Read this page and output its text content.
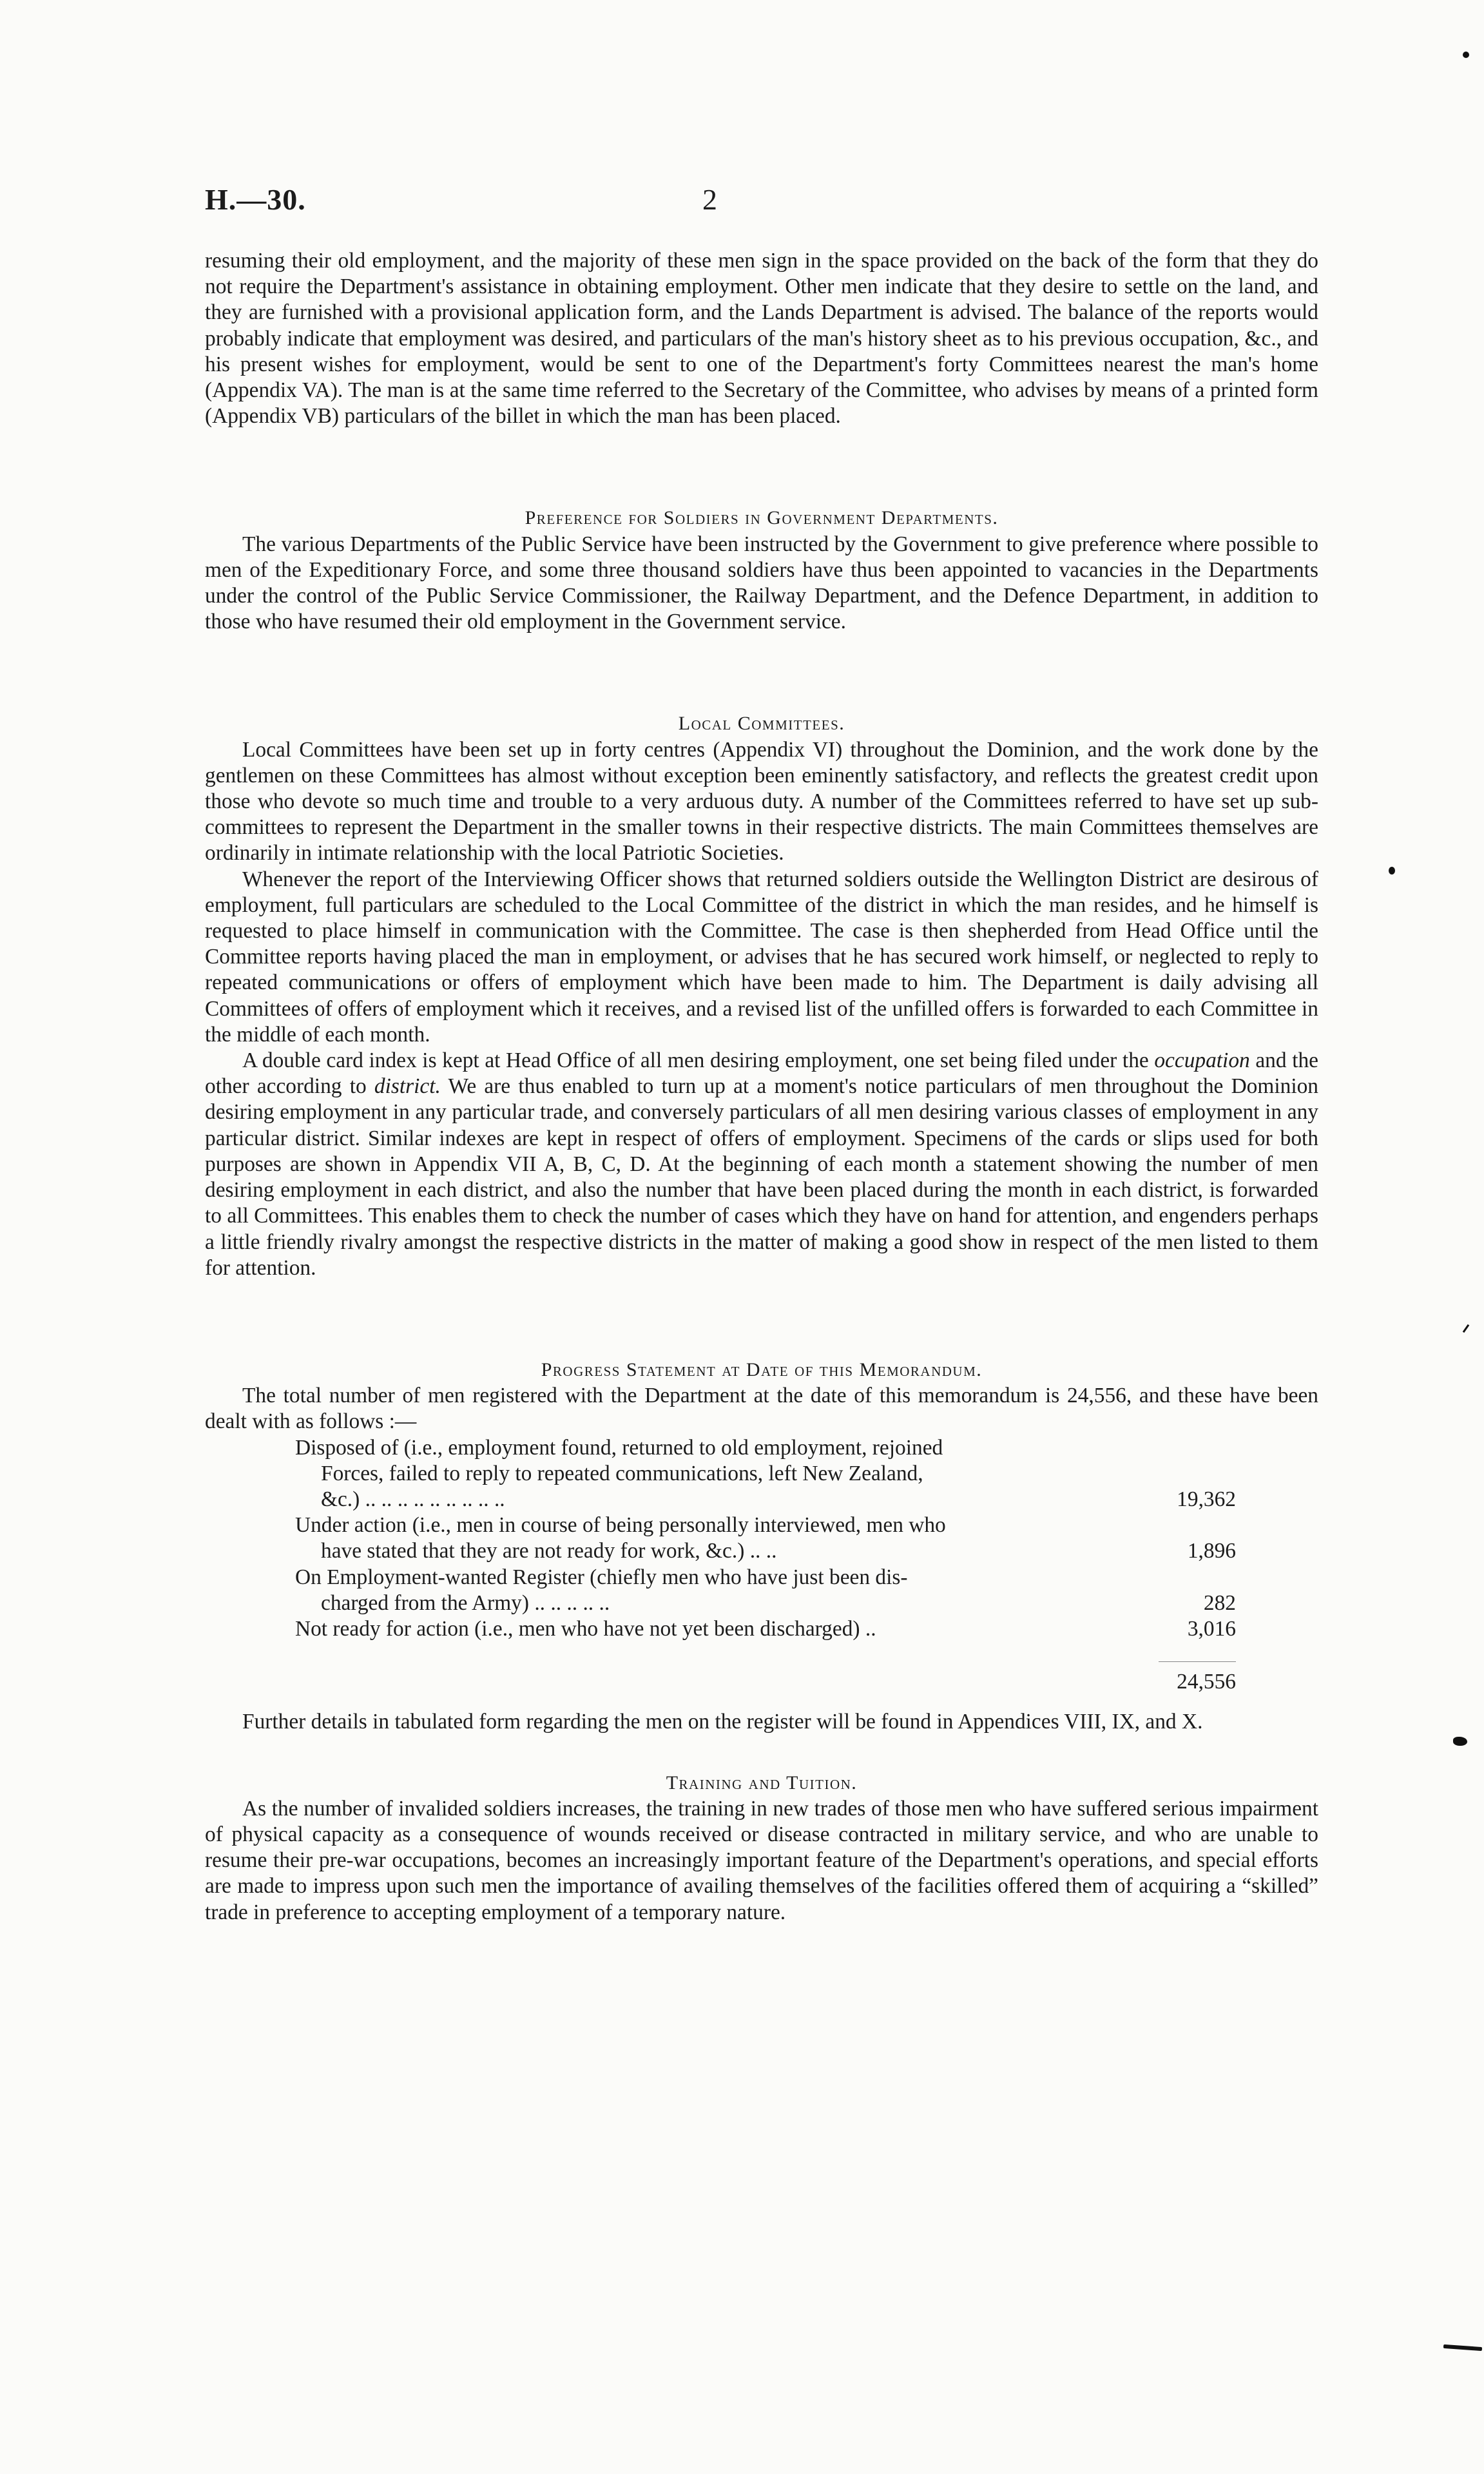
H.—30.	2

resuming their old employment, and the majority of these men sign in the space provided on the back of the form that they do not require the Department's assistance in obtaining employment. Other men indicate that they desire to settle on the land, and they are furnished with a provisional application form, and the Lands Department is advised. The balance of the reports would probably indicate that employment was desired, and particulars of the man's history sheet as to his previous occupation, &c., and his present wishes for employment, would be sent to one of the Department's forty Committees nearest the man's home (Appendix VA). The man is at the same time referred to the Secretary of the Committee, who advises by means of a printed form (Appendix VB) particulars of the billet in which the man has been placed.

Preference for Soldiers in Government Departments.

The various Departments of the Public Service have been instructed by the Government to give preference where possible to men of the Expeditionary Force, and some three thousand soldiers have thus been appointed to vacancies in the Departments under the control of the Public Service Commissioner, the Railway Department, and the Defence Department, in addition to those who have resumed their old employment in the Government service.

Local Committees.

Local Committees have been set up in forty centres (Appendix VI) throughout the Dominion, and the work done by the gentlemen on these Committees has almost without exception been eminently satisfactory, and reflects the greatest credit upon those who devote so much time and trouble to a very arduous duty. A number of the Committees referred to have set up sub-committees to represent the Department in the smaller towns in their respective districts. The main Committees themselves are ordinarily in intimate relationship with the local Patriotic Societies.

Whenever the report of the Interviewing Officer shows that returned soldiers outside the Wellington District are desirous of employment, full particulars are scheduled to the Local Committee of the district in which the man resides, and he himself is requested to place himself in communication with the Committee. The case is then shepherded from Head Office until the Committee reports having placed the man in employment, or advises that he has secured work himself, or neglected to reply to repeated communications or offers of employment which have been made to him. The Department is daily advising all Committees of offers of employment which it receives, and a revised list of the unfilled offers is forwarded to each Committee in the middle of each month.

A double card index is kept at Head Office of all men desiring employment, one set being filed under the occupation and the other according to district. We are thus enabled to turn up at a moment's notice particulars of men throughout the Dominion desiring employment in any particular trade, and conversely particulars of all men desiring various classes of employment in any particular district. Similar indexes are kept in respect of offers of employment. Specimens of the cards or slips used for both purposes are shown in Appendix VII A, B, C, D. At the beginning of each month a statement showing the number of men desiring employment in each district, and also the number that have been placed during the month in each district, is forwarded to all Committees. This enables them to check the number of cases which they have on hand for attention, and engenders perhaps a little friendly rivalry amongst the respective districts in the matter of making a good show in respect of the men listed to them for attention.

Progress Statement at Date of this Memorandum.

The total number of men registered with the Department at the date of this memorandum is 24,556, and these have been dealt with as follows :—

Disposed of (i.e., employment found, returned to old employment, rejoined
Forces, failed to reply to repeated communications, left New Zealand,
&c.) .. .. .. .. .. .. .. .. ..	19,362
Under action (i.e., men in course of being personally interviewed, men who
have stated that they are not ready for work, &c.) .. ..	1,896
On Employment-wanted Register (chiefly men who have just been dis-
charged from the Army) .. .. .. .. ..	282
Not ready for action (i.e., men who have not yet been discharged) ..	3,016
24,556

Further details in tabulated form regarding the men on the register will be found in Appendices VIII, IX, and X.

Training and Tuition.

As the number of invalided soldiers increases, the training in new trades of those men who have suffered serious impairment of physical capacity as a consequence of wounds received or disease contracted in military service, and who are unable to resume their pre-war occupations, becomes an increasingly important feature of the Department's operations, and special efforts are made to impress upon such men the importance of availing themselves of the facilities offered them of acquiring a “skilled” trade in preference to accepting employment of a temporary nature.
